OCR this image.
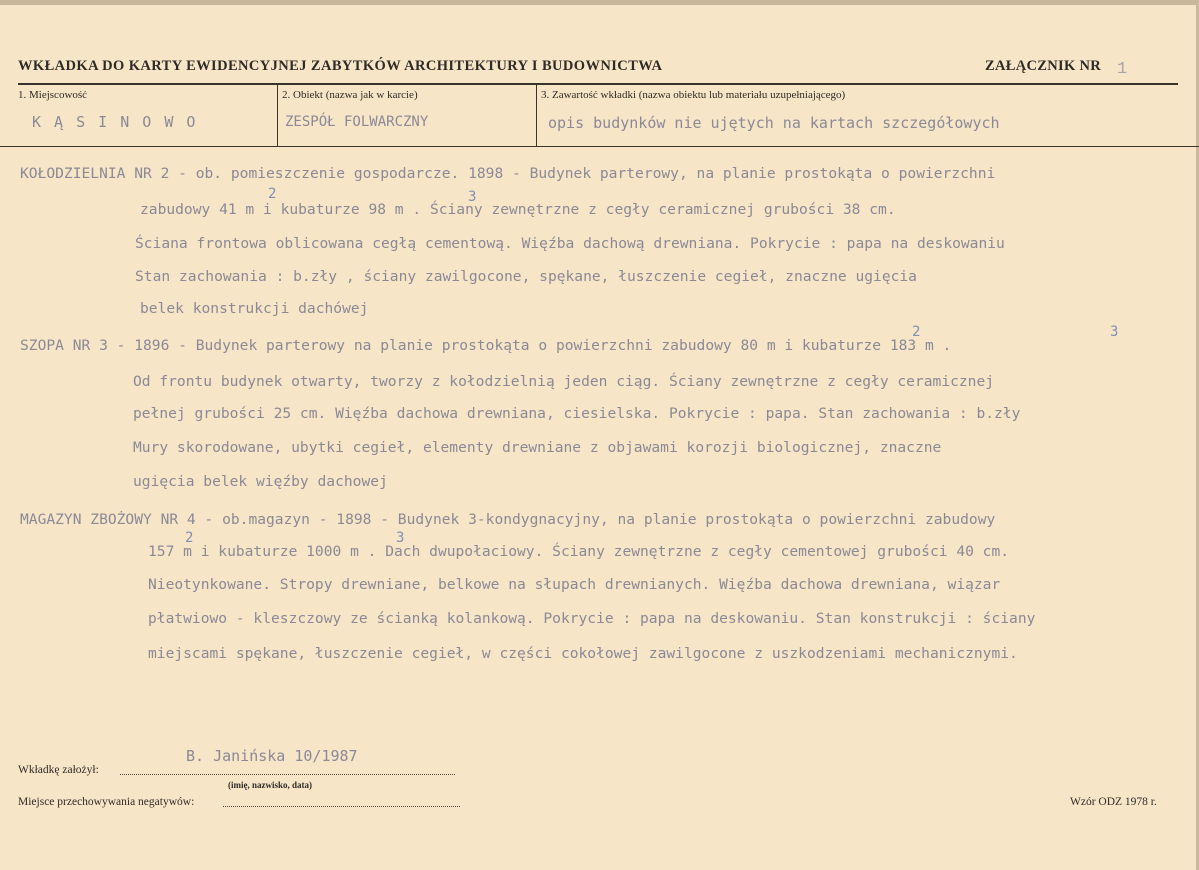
WKŁADKA DO KARTY EWIDENCYJNEJ ZABYTKÓW ARCHITEKTURY I BUDOWNICTWA	ZAŁĄCZNIK NR 1
1. Miejscowość	2. Obiekt (nazwa jak w karcie)	3. Zawartość wkładki (nazwa obiektu lub materiału uzupełniającego)
K Ą S I N O W O	ZESPÓŁ FOLWARCZNY	opis budynków nie ujętych na kartach szczegółowych
KOŁODZIELNIA NR 2 - ob. pomieszczenie gospodarcze. 1898 - Budynek parterowy, na planie prostokąta o powierzchni
zabudowy 41 m i kubaturze 98 m . Ściany zewnętrzne z cegły ceramicznej grubości 38 cm.
Ściana frontowa oblicowana cegłą cementową. Więźba dachową drewniana. Pokrycie : papa na deskowaniu
Stan zachowania : b.zły , ściany zawilgocone, spękane, łuszczenie cegieł, znaczne ugięcia
belek konstrukcji dachówej
SZOPA NR 3 - 1896 - Budynek parterowy na planie prostokąta o powierzchni zabudowy 80 m i kubaturze 183 m .
Od frontu budynek otwarty, tworzy z kołodzielnią jeden ciąg. Ściany zewnętrzne z cegły ceramicznej
pełnej grubości 25 cm. Więźba dachowa drewniana, ciesielska. Pokrycie : papa. Stan zachowania : b.zły
Mury skorodowane, ubytki cegieł, elementy drewniane z objawami korozji biologicznej, znaczne
ugięcia belek więźby dachowej
MAGAZYN ZBOŻOWY NR 4 - ob.magazyn - 1898 - Budynek 3-kondygnacyjny, na planie prostokąta o powierzchni zabudowy
157 m i kubaturze 1000 m . Dach dwupołaciowy. Ściany zewnętrzne z cegły cementowej grubości 40 cm.
Nieotynkowane. Stropy drewniane, belkowe na słupach drewnianych. Więźba dachowa drewniana, wiązar
płatwiowo - kleszczowy ze ścianką kolankową. Pokrycie : papa na deskowaniu. Stan konstrukcji : ściany
miejscami spękane, łuszczenie cegieł, w części cokołowej zawilgocone z uszkodzeniami mechanicznymi.
2	3
2	3
2	3
B. Janińska 10/1987
Wkładkę założył:
(imię, nazwisko, data)
Miejsce przechowywania negatywów:	Wzór ODZ 1978 r.
